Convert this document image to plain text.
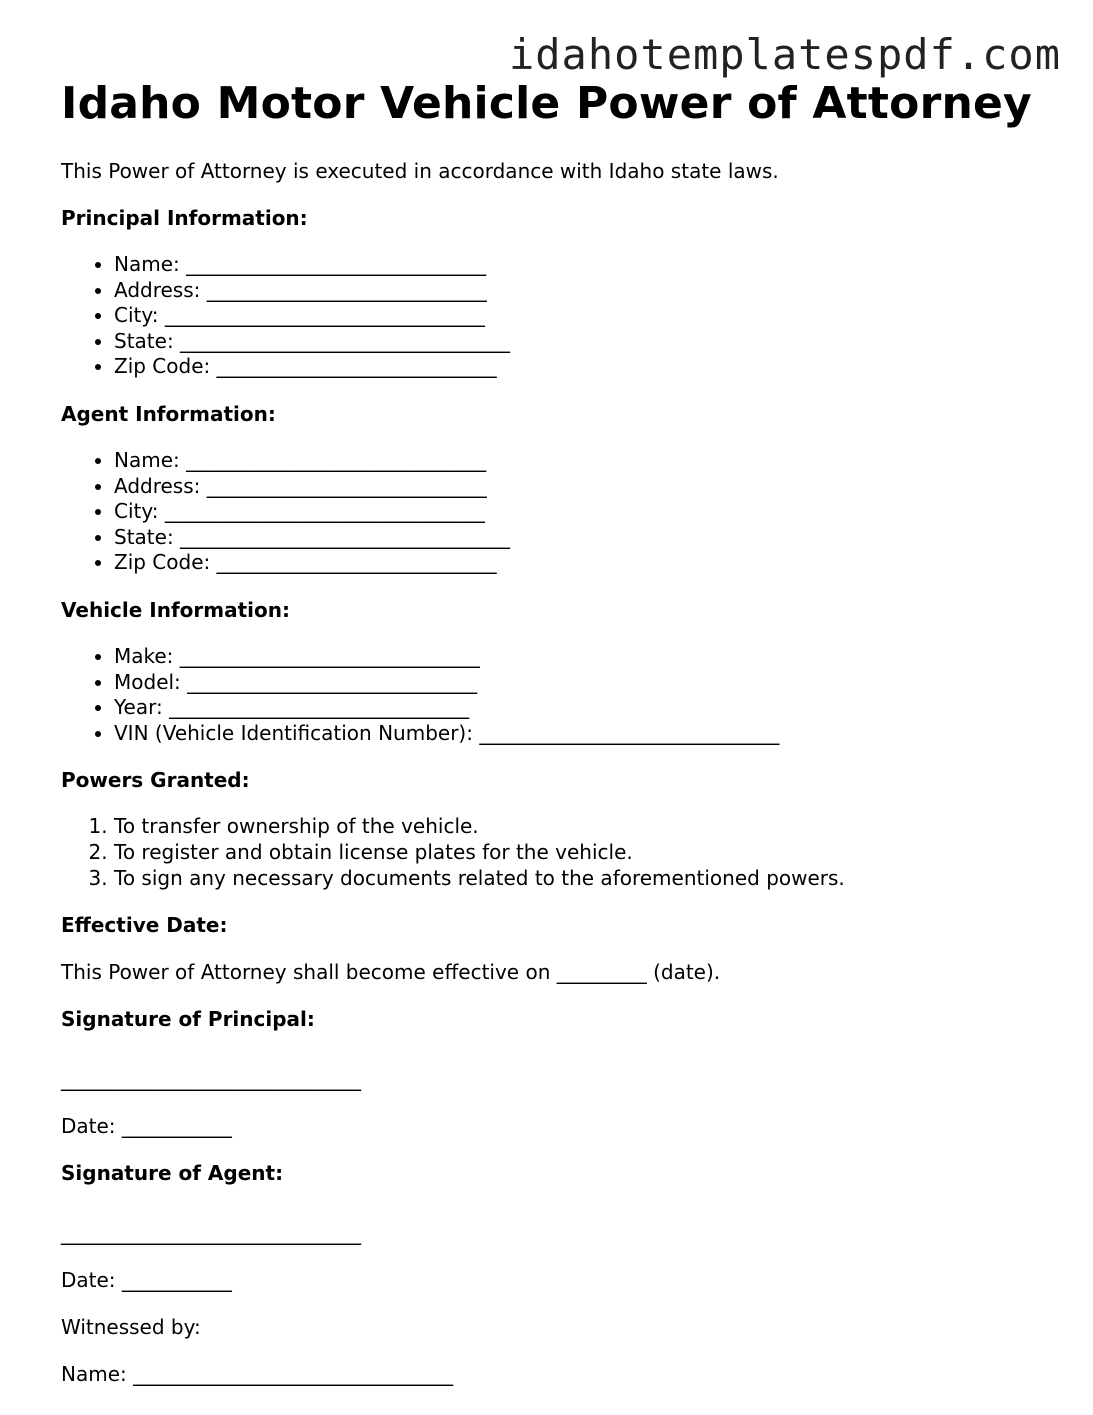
idahotemplatespdf.com
Idaho Motor Vehicle Power of Attorney

This Power of Attorney is executed in accordance with Idaho state laws.

Principal Information:

• Name: ______________________________
• Address: ____________________________
• City: ________________________________
• State: _________________________________
• Zip Code: ____________________________

Agent Information:

• Name: ______________________________
• Address: ____________________________
• City: ________________________________
• State: _________________________________
• Zip Code: ____________________________

Vehicle Information:

• Make: ______________________________
• Model: _____________________________
• Year: ______________________________
• VIN (Vehicle Identification Number): ______________________________

Powers Granted:

1. To transfer ownership of the vehicle.
2. To register and obtain license plates for the vehicle.
3. To sign any necessary documents related to the aforementioned powers.

Effective Date:

This Power of Attorney shall become effective on _________ (date).

Signature of Principal:

______________________________

Date: ___________

Signature of Agent:

______________________________

Date: ___________

Witnessed by:

Name: ________________________________
